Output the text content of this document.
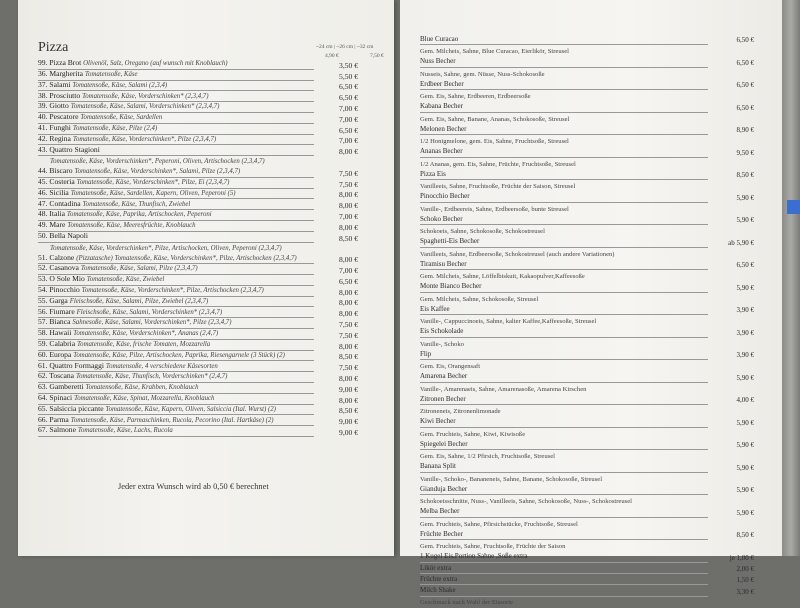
Pizza	~24 cm | ~26 cm | ~32 cm
4,90 €	7,50 €
99. Pizza Brot Olivenöl, Salz, Oregano (auf wunsch mit Knoblauch)	3,50 €
36. Margherita Tomatensoße, Käse	5,50 €
37. Salami Tomatensoße, Käse, Salami (2,3,4)	6,50 €
38. Prosciutto Tomatensoße, Käse, Vorderschinken* (2,3,4,7)	6,50 €
39. Giotto Tomatensoße, Käse, Salami, Vorderschinken* (2,3,4,7)	7,00 €
40. Pescatore Tomatensoße, Käse, Sardellen	7,00 €
41. Funghi Tomatensoße, Käse, Pilze (2,4)	6,50 €
42. Regina Tomatensoße, Käse, Vorderschinken*, Pilze (2,3,4,7)	7,00 €
43. Quattro Stagioni	8,00 €
Tomatensoße, Käse, Vorderschinken*, Peperoni, Oliven, Artischocken (2,3,4,7)
44. Biscaro Tomatensoße, Käse, Vorderschinken*, Salami, Pilze (2,3,4,7)	7,50 €
45. Costeria Tomatensoße, Käse, Vorderschinken*, Pilze, Ei (2,3,4,7)	7,50 €
46. Sicilia Tomatensoße, Käse, Sardellen, Kapern, Oliven, Peperoni (5)	8,00 €
47. Contadina Tomatensoße, Käse, Thunfisch, Zwiebel	8,00 €
48. Italia Tomatensoße, Käse, Paprika, Artischocken, Peperoni	7,00 €
49. Mare Tomatensoße, Käse, Meeresfrüchte, Knoblauch	8,00 €
50. Bella Napoli	8,50 €
Tomatensoße, Käse, Vorderschinken*, Pilze, Artischocken, Oliven, Peperoni (2,3,4,7)
51. Calzone (Pizzatasche) Tomatensoße, Käse, Vorderschinken*, Pilze, Artischocken (2,3,4,7)	8,00 €
52. Casanova Tomatensoße, Käse, Salami, Pilze (2,3,4,7)	7,00 €
53. O Sole Mio Tomatensoße, Käse, Zwiebel	6,50 €
54. Pinocchio Tomatensoße, Käse, Vorderschinken*, Pilze, Artischocken (2,3,4,7)	8,00 €
55. Garga Fleischsoße, Käse, Salami, Pilze, Zwiebel (2,3,4,7)	8,00 €
56. Fiumare Fleischsoße, Käse, Salami, Vorderschinken* (2,3,4,7)	8,00 €
57. Bianca Sahnesoße, Käse, Salami, Vorderschinken*, Pilze (2,3,4,7)	7,50 €
58. Hawaii Tomatensoße, Käse, Vorderschinken*, Ananas (2,4,7)	7,50 €
59. Calabria Tomatensoße, Käse, frische Tomaten, Mozzarella	8,00 €
60. Europa Tomatensoße, Käse, Pilze, Artischocken, Paprika, Riesengarnele (3 Stück) (2)	8,50 €
61. Quattro Formaggi Tomatensoße, 4 verschiedene Käsesorten	7,50 €
62. Toscana Tomatensoße, Käse, Thunfisch, Vorderschinken* (2,4,7)	8,00 €
63. Gamberetti Tomatensoße, Käse, Krabben, Knoblauch	9,00 €
64. Spinaci Tomatensoße, Käse, Spinat, Mozzarella, Knoblauch	8,00 €
65. Salsiccia piccante Tomatensoße, Käse, Kapern, Oliven, Salsiccia (Ital. Wurst) (2)	8,50 €
66. Parma Tomatensoße, Käse, Parmaschinken, Rucola, Pecorino (Ital. Hartkäse) (2)	9,00 €
67. Salmone Tomatensoße, Käse, Lachs, Rucola	9,00 €
Jeder extra Wunsch wird ab 0,50 € berechnet
Blue Curacao	6,50 €
Gem. Milcheis, Sahne, Blue Curacao, Eierlikör, Streusel
Nuss Becher	6,50 €
Nusseis, Sahne, gem. Nüsse, Nuss-Schokosoße
Erdbeer Becher	6,50 €
Gem. Eis, Sahne, Erdbeeren, Erdbeersoße
Kabana Becher	6,50 €
Gem. Eis, Sahne, Banane, Ananas, Schokosoße, Streusel
Melonen Becher	8,90 €
1/2 Honigmelone, gem. Eis, Sahne, Fruchtsoße, Streusel
Ananas Becher	9,50 €
1/2 Ananas, gem. Eis, Sahne, Früchte, Fruchtsoße, Streusel
Pizza Eis	8,50 €
Vanilleeis, Sahne, Fruchtsoße, Früchte der Saison, Streusel
Pinocchio Becher	5,90 €
Vanille-, Erdbeereis, Sahne, Erdbeersoße, bunte Streusel
Schoko Becher	5,90 €
Schokoeis, Sahne, Schokosoße, Schokostreusel
Spaghetti-Eis Becher	ab 5,90 €
Vanilleeis, Sahne, Erdbeersoße, Schokostreusel (auch andere Variationen)
Tiramisu Becher	6,50 €
Gem. Milcheis, Sahne, Löffelbiskuit, Kakaopulver,Kaffeesoße
Monte Bianco Becher	5,90 €
Gem. Milcheis, Sahne, Schokosoße, Streusel
Eis Kaffee	3,90 €
Vanille-, Cappuccinoeis, Sahne, kalter Kaffee,Kaffeesoße, Streusel
Eis Schokolade	3,90 €
Vanille-, Schoko
Flip	3,90 €
Gem. Eis, Orangensaft
Amarena Becher	5,90 €
Vanille-, Amarenaeis, Sahne, Amarenasoße, Amarena Kirschen
Zitronen Becher	4,00 €
Zitroneneis, Zitronenlimonade
Kiwi Becher	5,90 €
Gem. Fruchteis, Sahne, Kiwi, Kiwisoße
Spiegelei Becher	5,90 €
Gem. Eis, Sahne, 1/2 Pfirsich, Fruchtsoße, Streusel
Banana Split	5,90 €
Vanille-, Schoko-, Bananeneis, Sahne, Banane, Schokosoße, Streusel
Gianduja Becher	5,90 €
Schokoeisschnitte, Nuss-, Vanilleeis, Sahne, Schokosoße, Nuss-, Schokostreusel
Melba Becher	5,90 €
Gem. Fruchteis, Sahne, Pfirsichstücke, Fruchtsoße, Streusel
Früchte Becher	8,50 €
Gem. Fruchteis, Sahne, Fruchtsoße, Früchte der Saison
1 Kugel Eis,Portion Sahne ,Soße extra	je 1,00 €
Likör extra	2,00 €
Früchte extra	1,50 €
Milch Shake	3,30 €
Geschmack nach Wahl der Eissorte
